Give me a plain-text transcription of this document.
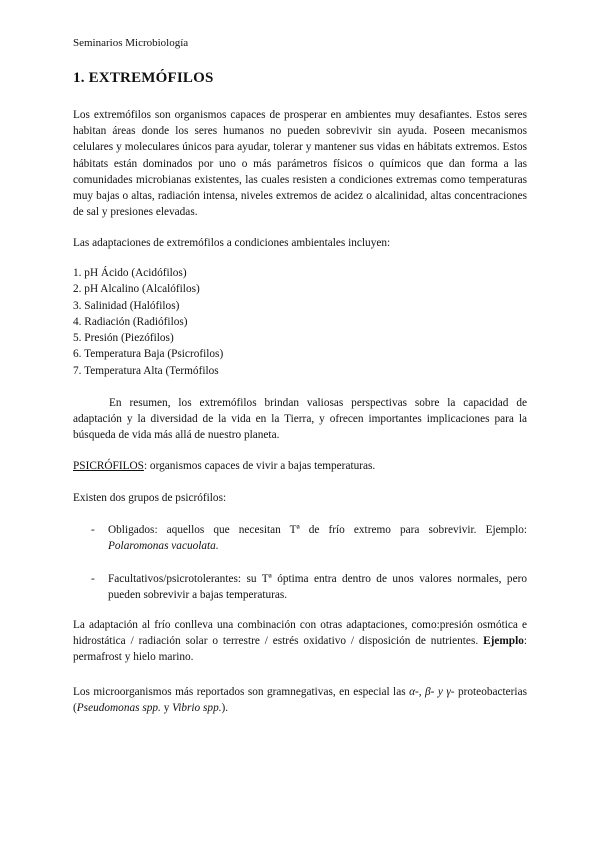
Seminarios Microbiología
1. EXTREMÓFILOS

Los extremófilos son organismos capaces de prosperar en ambientes muy desafiantes. Estos seres habitan áreas donde los seres humanos no pueden sobrevivir sin ayuda. Poseen mecanismos celulares y moleculares únicos para ayudar, tolerar y mantener sus vidas en hábitats extremos. Estos hábitats están dominados por uno o más parámetros físicos o químicos que dan forma a las comunidades microbianas existentes, las cuales resisten a condiciones extremas como temperaturas muy bajas o altas, radiación intensa, niveles extremos de acidez o alcalinidad, altas concentraciones de sal y presiones elevadas.

Las adaptaciones de extremófilos a condiciones ambientales incluyen:

1. pH Ácido (Acidófilos)
2. pH Alcalino (Alcalófilos)
3. Salinidad (Halófilos)
4. Radiación (Radiófilos)
5. Presión (Piezófilos)
6. Temperatura Baja (Psicrofilos)
7. Temperatura Alta (Termófilos

En resumen, los extremófilos brindan valiosas perspectivas sobre la capacidad de adaptación y la diversidad de la vida en la Tierra, y ofrecen importantes implicaciones para la búsqueda de vida más allá de nuestro planeta.

PSICRÓFILOS: organismos capaces de vivir a bajas temperaturas.

Existen dos grupos de psicrófilos:

- Obligados: aquellos que necesitan Tª de frío extremo para sobrevivir. Ejemplo: Polaromonas vacuolata.
- Facultativos/psicrotolerantes: su Tª óptima entra dentro de unos valores normales, pero pueden sobrevivir a bajas temperaturas.

La adaptación al frío conlleva una combinación con otras adaptaciones, como:presión osmótica e hidrostática / radiación solar o terrestre / estrés oxidativo / disposición de nutrientes. Ejemplo: permafrost y hielo marino.

Los microorganismos más reportados son gramnegativas, en especial las α-, β- y γ- proteobacterias (Pseudomonas spp. y Vibrio spp.).
